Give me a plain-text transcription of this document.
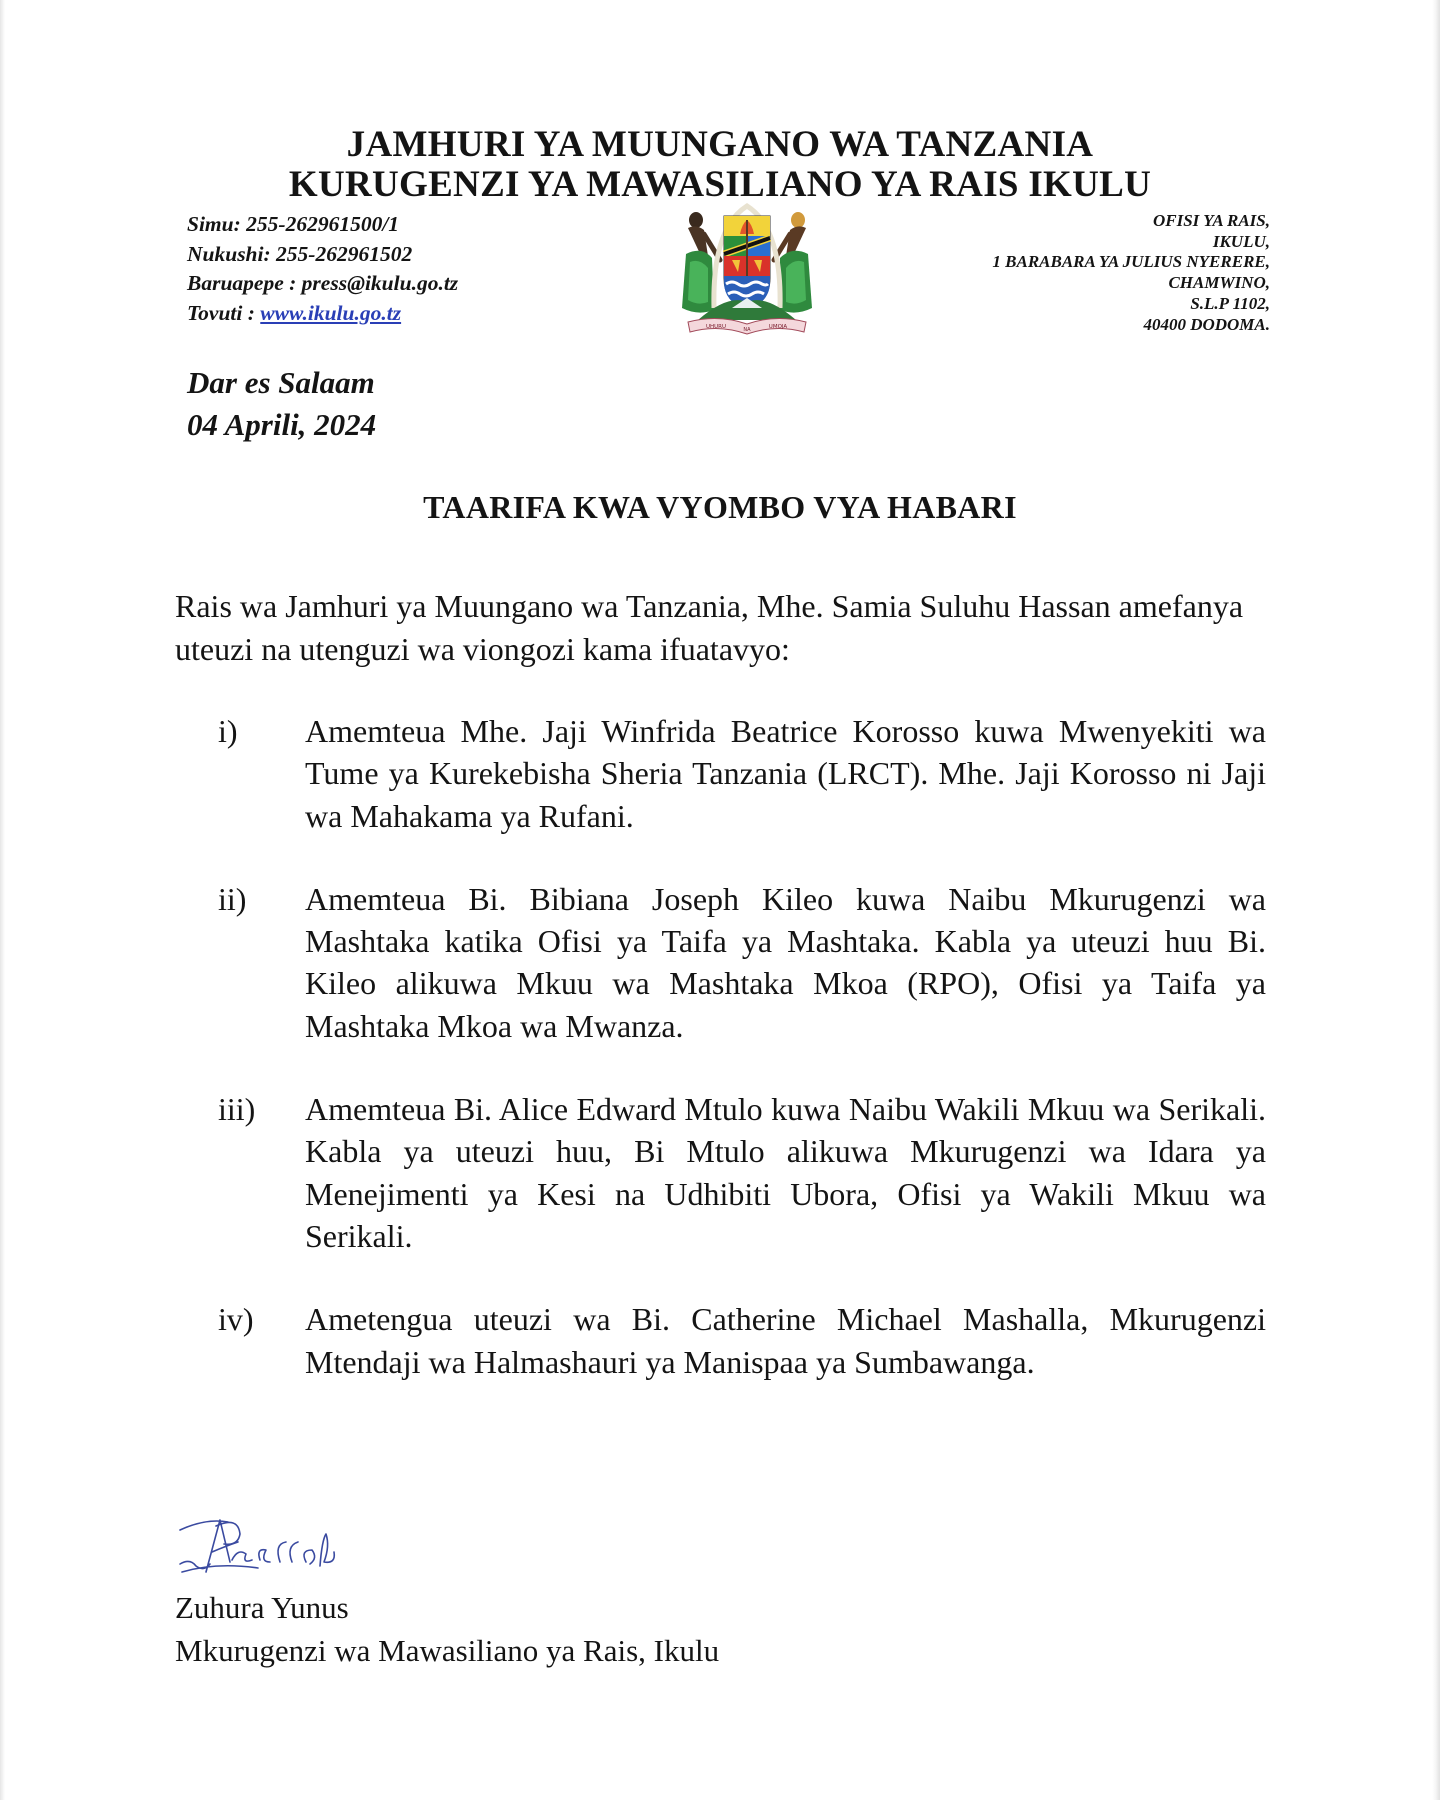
JAMHURI YA MUUNGANO WA TANZANIA
KURUGENZI YA MAWASILIANO YA RAIS IKULU
Simu: 255-262961500/1
Nukushi: 255-262961502
Baruapepe : press@ikulu.go.tz
Tovuti : www.ikulu.go.tz
UHURU	NA	UMOJA
OFISI YA RAIS,
IKULU,
1 BARABARA YA JULIUS NYERERE,
CHAMWINO,
S.L.P 1102,
40400 DODOMA.
Dar es Salaam
04 Aprili, 2024
TAARIFA KWA VYOMBO VYA HABARI

Rais wa Jamhuri ya Muungano wa Tanzania, Mhe. Samia Suluhu Hassan amefanya uteuzi na utenguzi wa viongozi kama ifuatavyo:

i) Amemteua Mhe. Jaji Winfrida Beatrice Korosso kuwa Mwenyekiti wa Tume ya Kurekebisha Sheria Tanzania (LRCT). Mhe. Jaji Korosso ni Jaji wa Mahakama ya Rufani.
ii) Amemteua Bi. Bibiana Joseph Kileo kuwa Naibu Mkurugenzi wa Mashtaka katika Ofisi ya Taifa ya Mashtaka. Kabla ya uteuzi huu Bi. Kileo alikuwa Mkuu wa Mashtaka Mkoa (RPO), Ofisi ya Taifa ya Mashtaka Mkoa wa Mwanza.
iii) Amemteua Bi. Alice Edward Mtulo kuwa Naibu Wakili Mkuu wa Serikali. Kabla ya uteuzi huu, Bi Mtulo alikuwa Mkurugenzi wa Idara ya Menejimenti ya Kesi na Udhibiti Ubora, Ofisi ya Wakili Mkuu wa Serikali.
iv) Ametengua uteuzi wa Bi. Catherine Michael Mashalla, Mkurugenzi Mtendaji wa Halmashauri ya Manispaa ya Sumbawanga.
Zuhura Yunus
Mkurugenzi wa Mawasiliano ya Rais, Ikulu
